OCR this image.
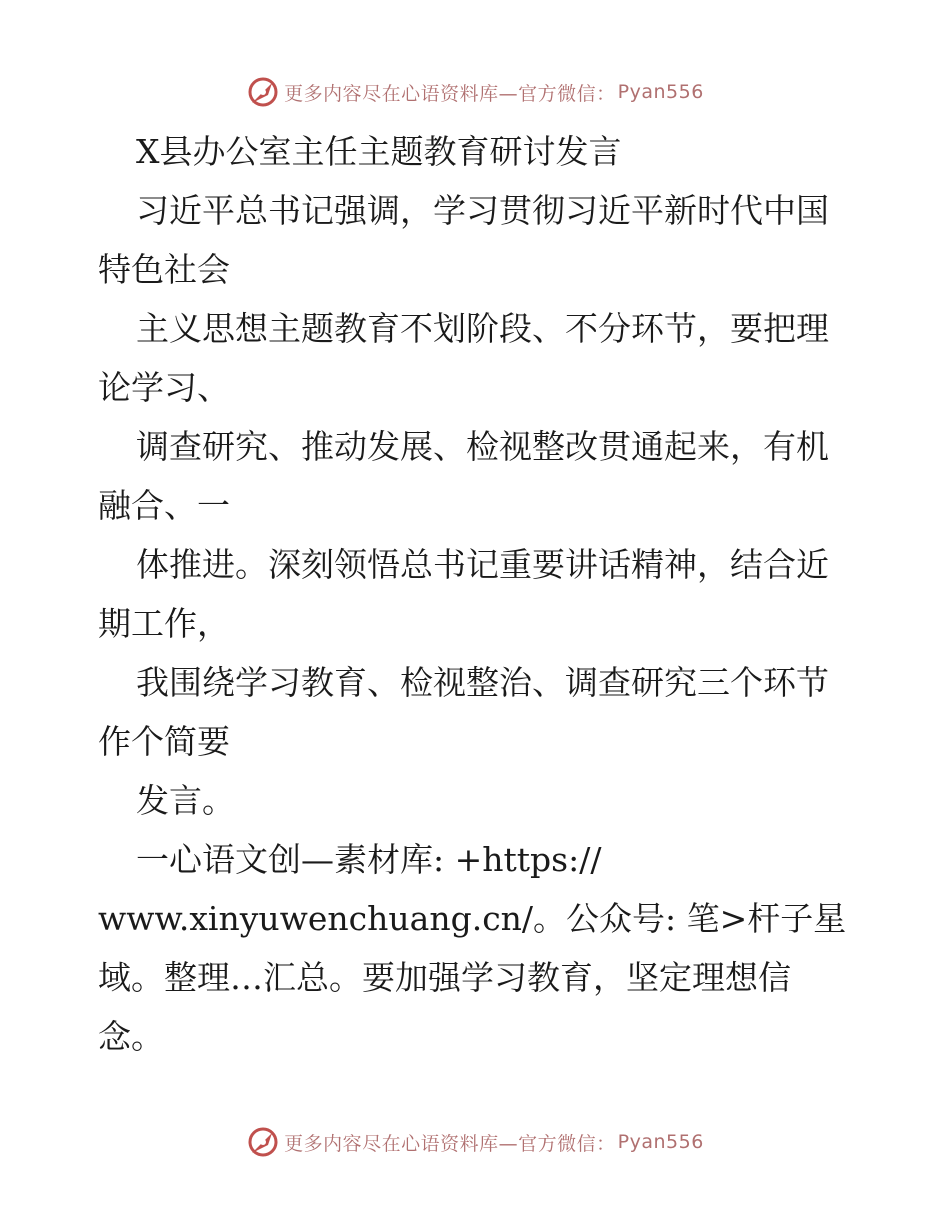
更多内容尽在心语资料库—官方微信： Pyan556
X县办公室主任主题教育研讨发言
习近平总书记强调，学习贯彻习近平新时代中国
特色社会
主义思想主题教育不划阶段、不分环节，要把理
论学习、
调查研究、推动发展、检视整改贯通起来，有机
融合、一
体推进。深刻领悟总书记重要讲话精神，结合近
期工作，
我围绕学习教育、检视整治、调查研究三个环节
作个简要
发言。
一心语文创—素材库: +https://
www.xinyuwenchuang.cn/。公众号: 笔>杆子星
域。整理…汇总。要加强学习教育，坚定理想信
念。
更多内容尽在心语资料库—官方微信： Pyan556
